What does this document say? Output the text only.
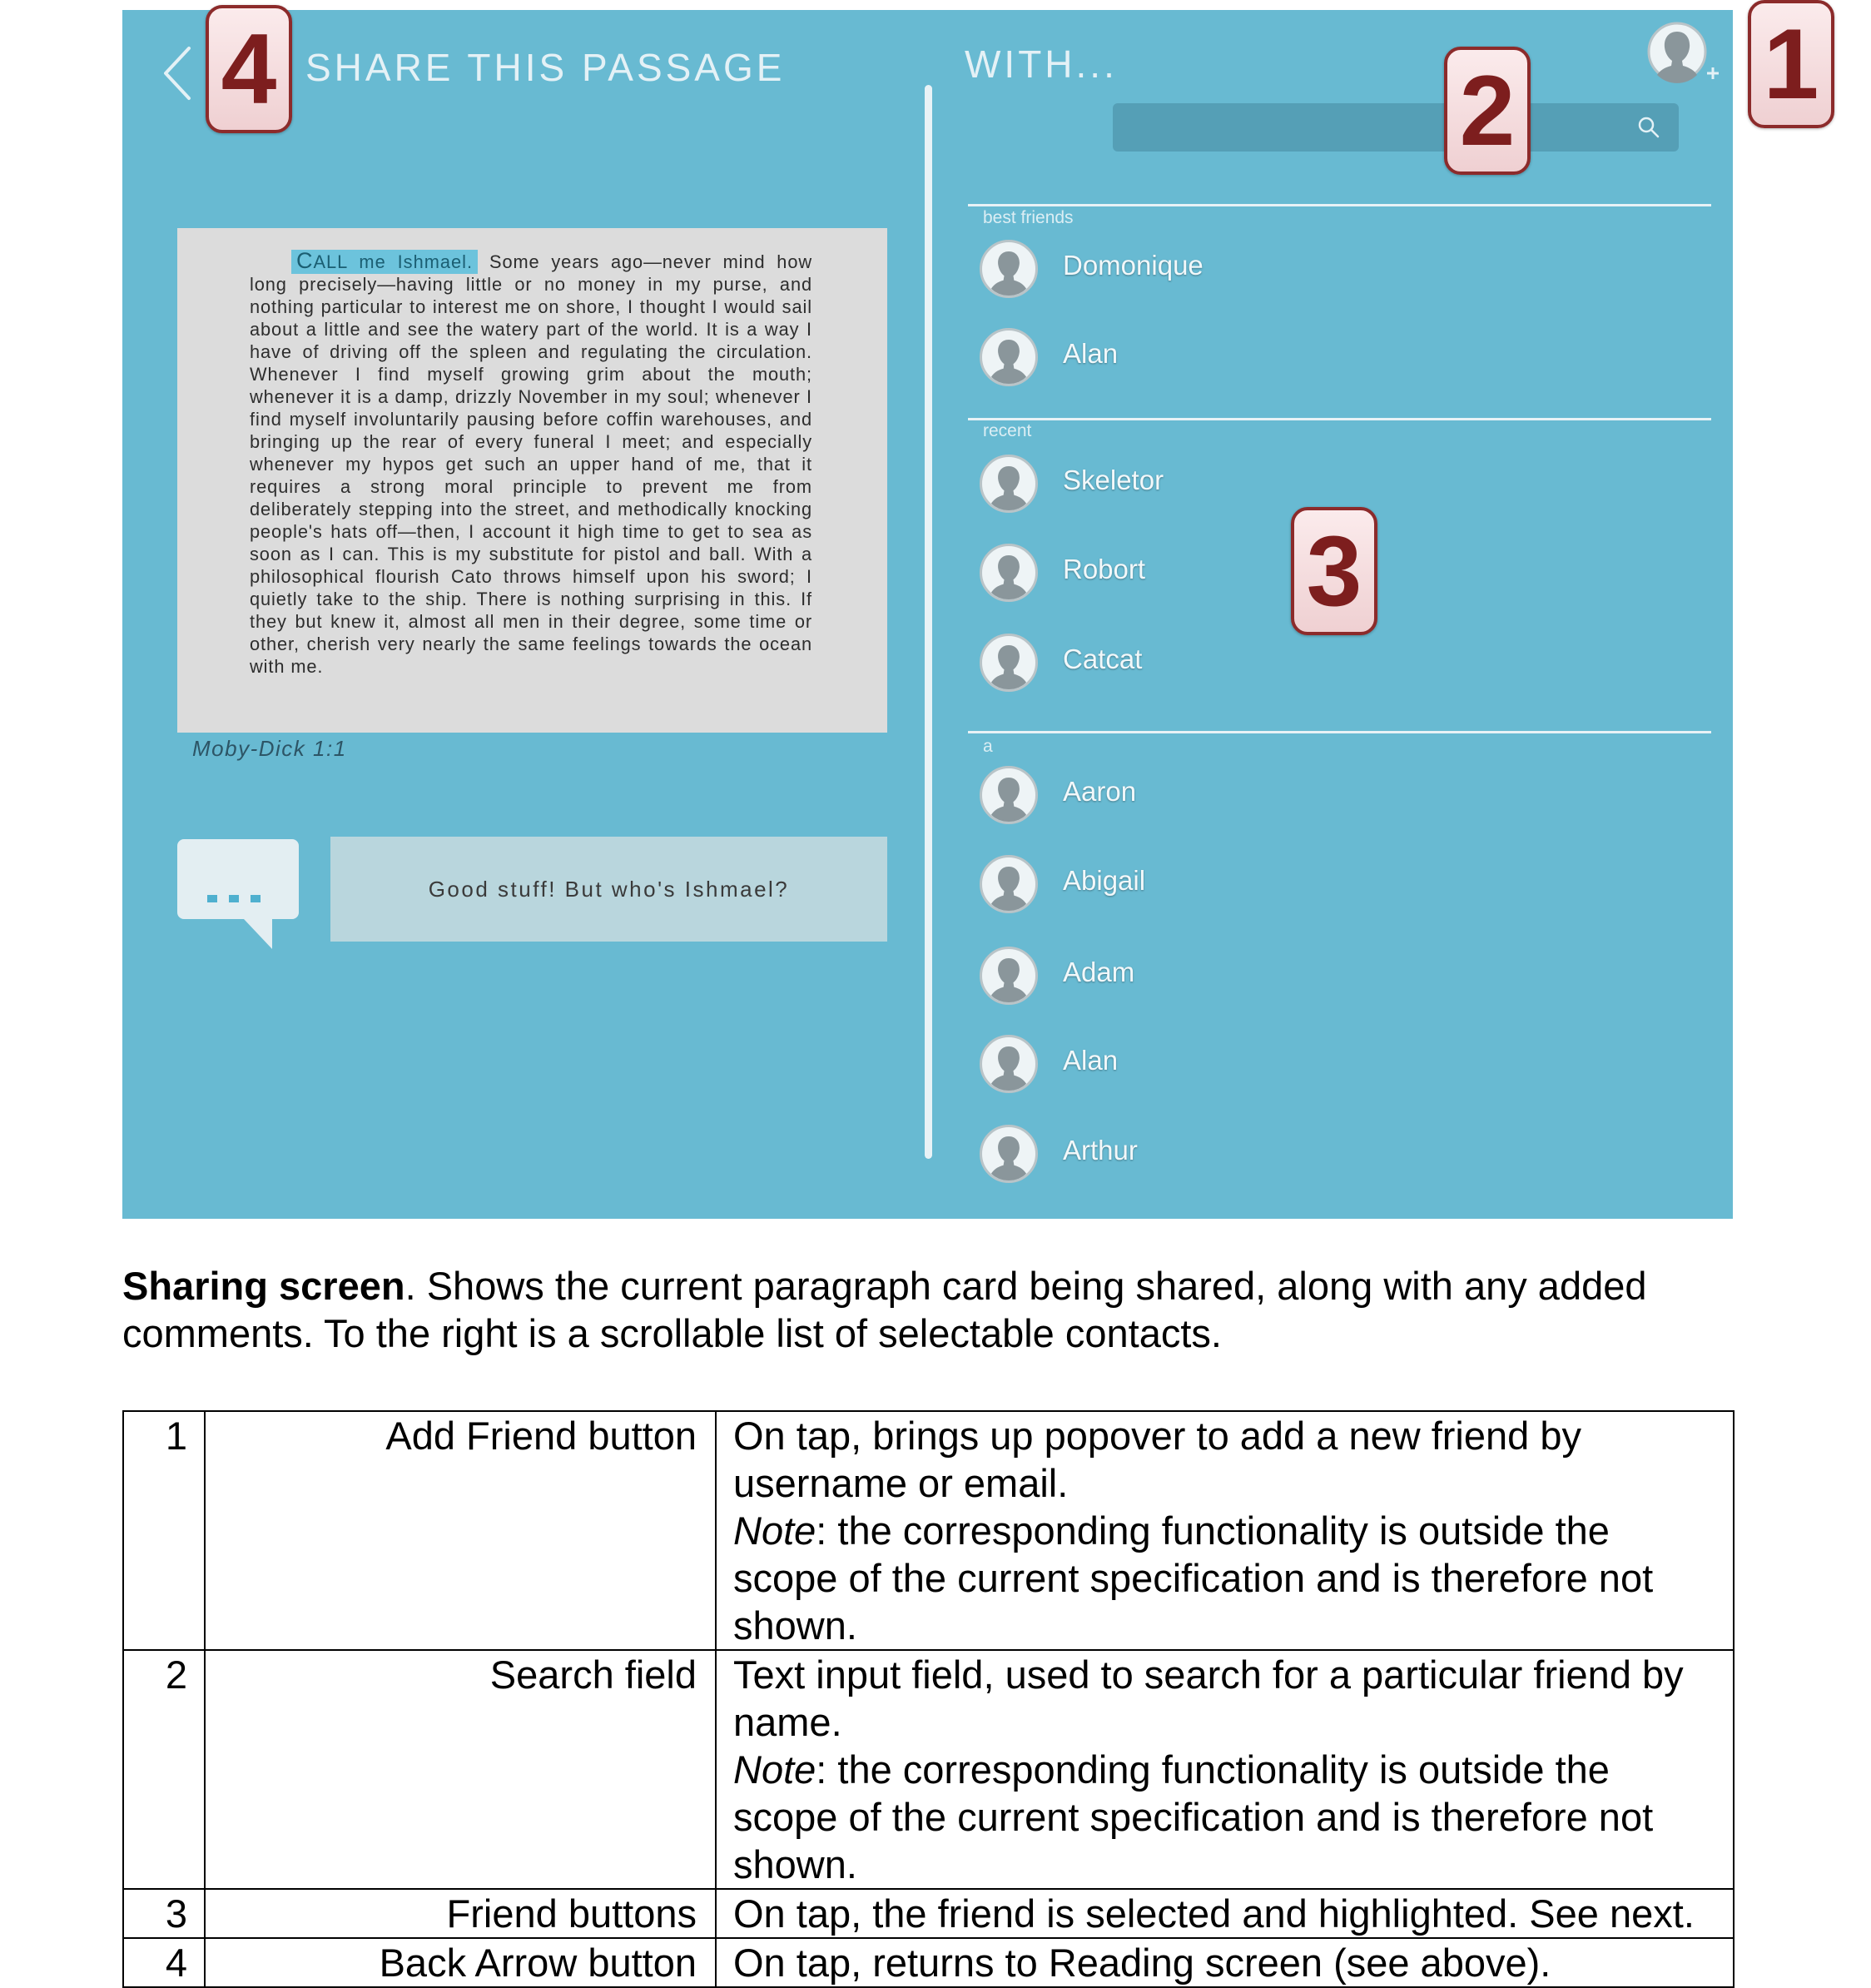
SHARE THIS PASSAGE	WITH...
CALL me Ishmael. Some years ago—never mind how long precisely—having little or no money in my purse, and nothing particular to interest me on shore, I thought I would sail about a little and see the watery part of the world. It is a way I have of driving off the spleen and regulating the circulation. Whenever I find myself growing grim about the mouth; whenever it is a damp, drizzly November in my soul; whenever I find myself involuntarily pausing before coffin warehouses, and bringing up the rear of every funeral I meet; and especially whenever my hypos get such an upper hand of me, that it requires a strong moral principle to prevent me from deliberately stepping into the street, and methodically knocking people's hats off—then, I account it high time to get to sea as soon as I can. This is my substitute for pistol and ball. With a philosophical flourish Cato throws himself upon his sword; I quietly take to the ship. There is nothing surprising in this. If they but knew it, almost all men in their degree, some time or other, cherish very nearly the same feelings towards the ocean with me.
Moby-Dick 1:1
Good stuff! But who's Ishmael?
best friends
Domonique
Alan
recent
Skeletor
Robort
Catcat
a
Aaron
Abigail
Adam
Alan
Arthur
1
2
3
4
Sharing screen. Shows the current paragraph card being shared, along with any added comments. To the right is a scrollable list of selectable contacts.
1	Add Friend button	On tap, brings up popover to add a new friend by username or email.
Note: the corresponding functionality is outside the scope of the current specification and is therefore not shown.
2	Search field	Text input field, used to search for a particular friend by name.
Note: the corresponding functionality is outside the scope of the current specification and is therefore not shown.
3	Friend buttons	On tap, the friend is selected and highlighted. See next.
4	Back Arrow button	On tap, returns to Reading screen (see above).
